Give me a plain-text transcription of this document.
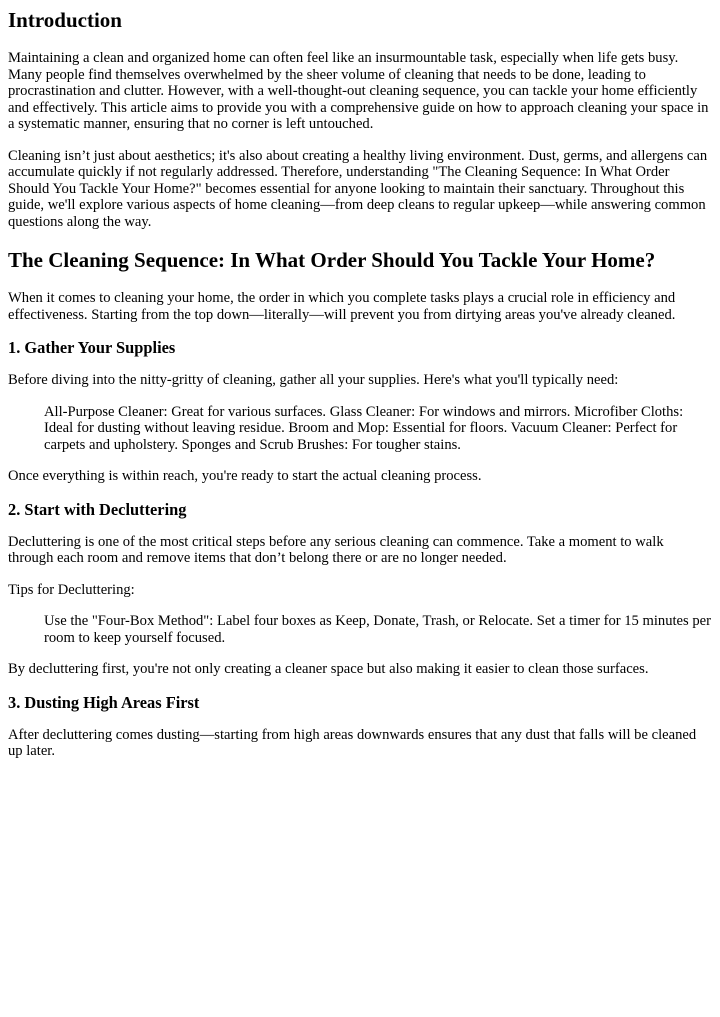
Introduction

Maintaining a clean and organized home can often feel like an insurmountable task, especially when life gets busy. Many people find themselves overwhelmed by the sheer volume of cleaning that needs to be done, leading to procrastination and clutter. However, with a well-thought-out cleaning sequence, you can tackle your home efficiently and effectively. This article aims to provide you with a comprehensive guide on how to approach cleaning your space in a systematic manner, ensuring that no corner is left untouched.

Cleaning isn’t just about aesthetics; it's also about creating a healthy living environment. Dust, germs, and allergens can accumulate quickly if not regularly addressed. Therefore, understanding "The Cleaning Sequence: In What Order Should You Tackle Your Home?" becomes essential for anyone looking to maintain their sanctuary. Throughout this guide, we'll explore various aspects of home cleaning—from deep cleans to regular upkeep—while answering common questions along the way.

The Cleaning Sequence: In What Order Should You Tackle Your Home?

When it comes to cleaning your home, the order in which you complete tasks plays a crucial role in efficiency and effectiveness. Starting from the top down—literally—will prevent you from dirtying areas you've already cleaned.

1. Gather Your Supplies

Before diving into the nitty-gritty of cleaning, gather all your supplies. Here's what you'll typically need:

All-Purpose Cleaner: Great for various surfaces. Glass Cleaner: For windows and mirrors. Microfiber Cloths: Ideal for dusting without leaving residue. Broom and Mop: Essential for floors. Vacuum Cleaner: Perfect for carpets and upholstery. Sponges and Scrub Brushes: For tougher stains.

Once everything is within reach, you're ready to start the actual cleaning process.

2. Start with Decluttering

Decluttering is one of the most critical steps before any serious cleaning can commence. Take a moment to walk through each room and remove items that don’t belong there or are no longer needed.

Tips for Decluttering:

Use the "Four-Box Method": Label four boxes as Keep, Donate, Trash, or Relocate. Set a timer for 15 minutes per room to keep yourself focused.

By decluttering first, you're not only creating a cleaner space but also making it easier to clean those surfaces.

3. Dusting High Areas First

After decluttering comes dusting—starting from high areas downwards ensures that any dust that falls will be cleaned up later.
